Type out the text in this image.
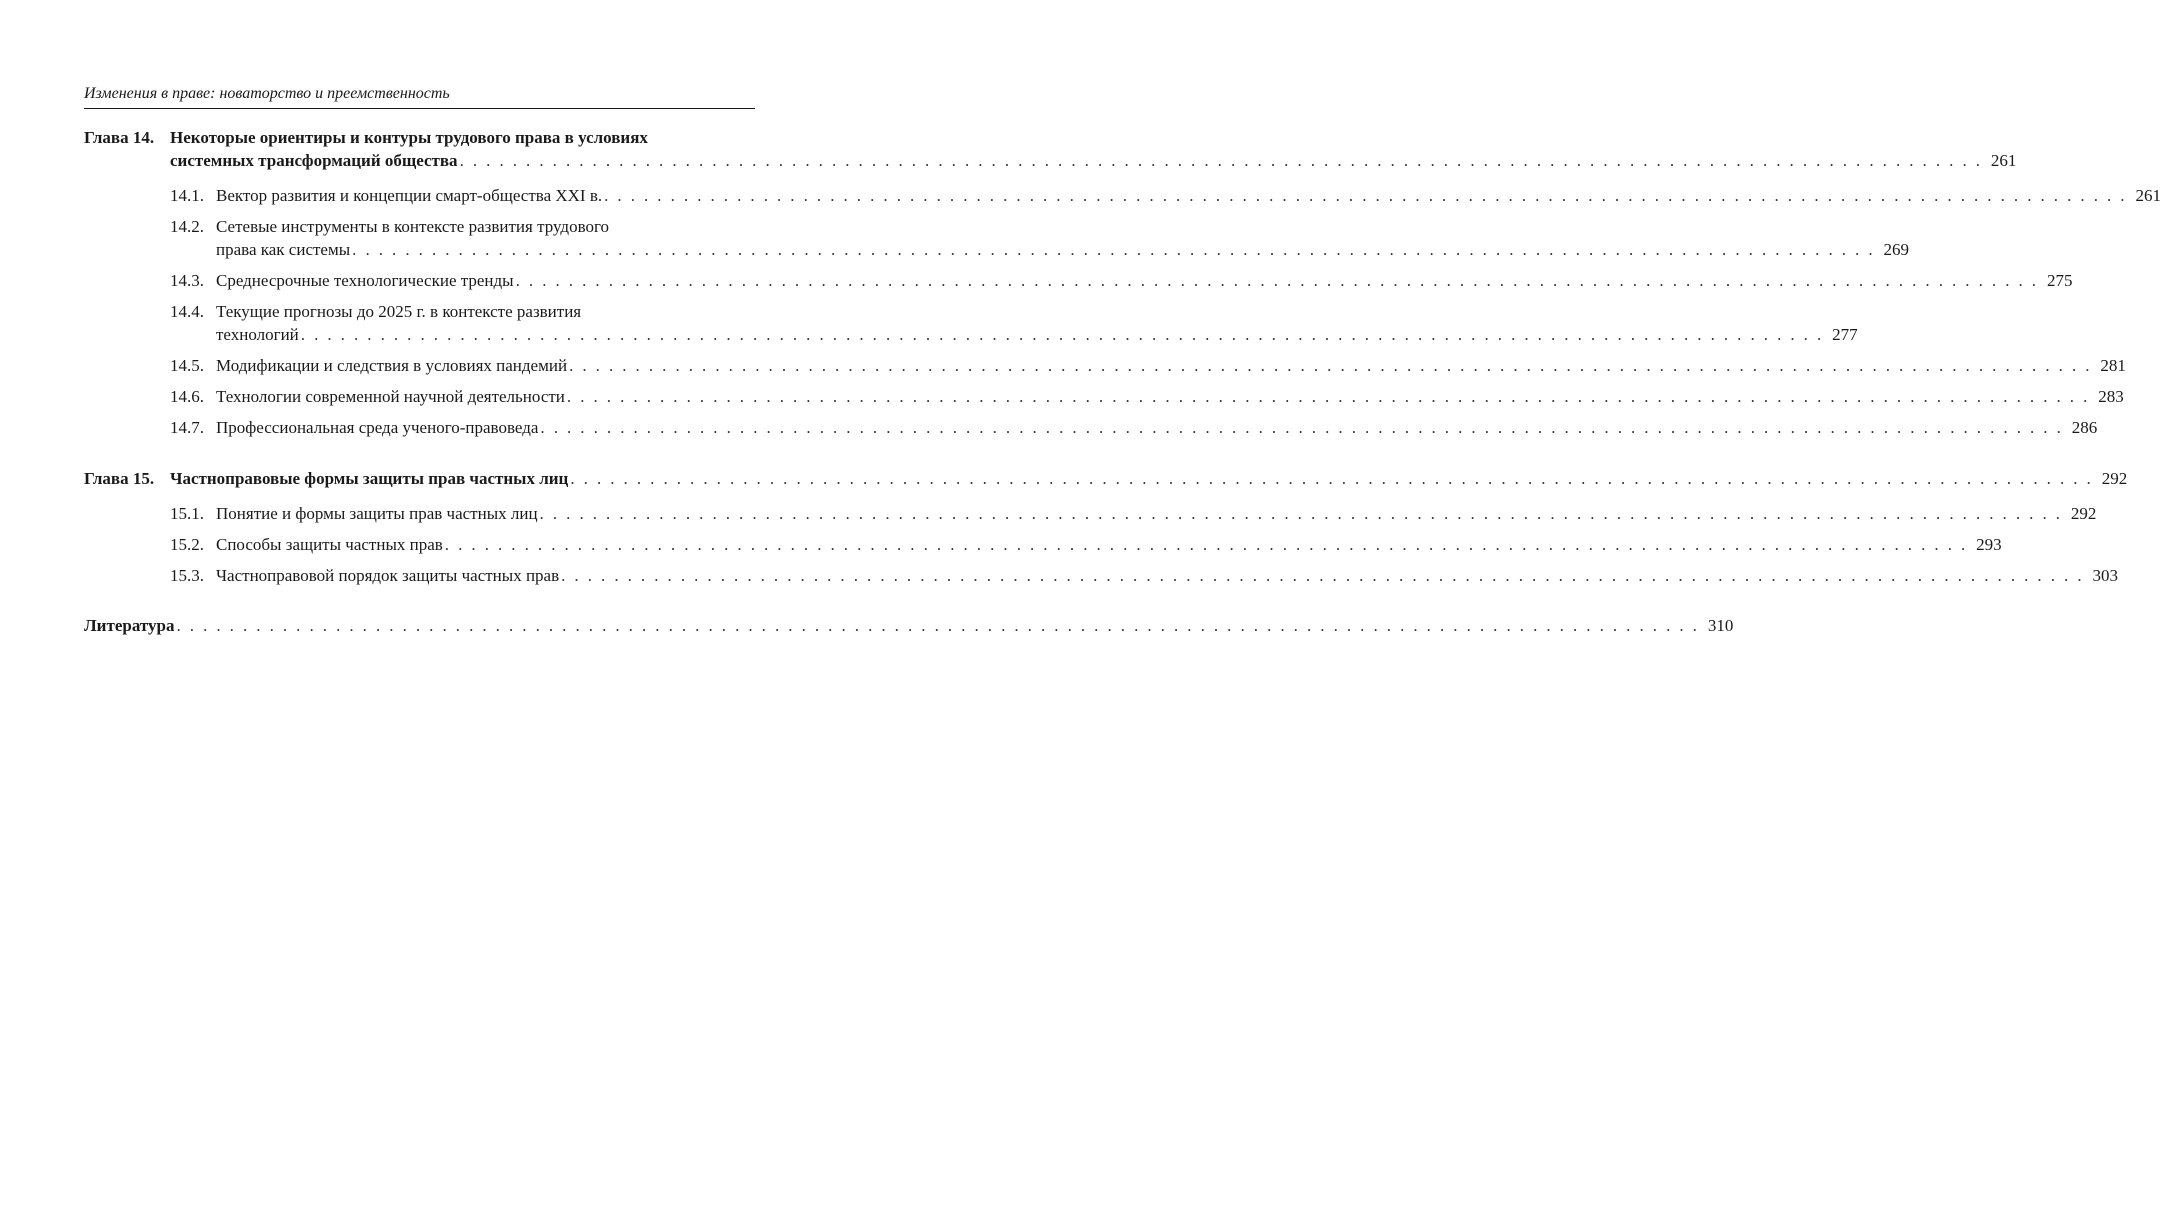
Изменения в праве: новаторство и преемственность
Глава 14. Некоторые ориентиры и контуры трудового права в условиях
системных трансформаций общества . . .	261
14.1. Вектор развития и концепции смарт-общества XXI в. . . .	261
14.2. Сетевые инструменты в контексте развития трудового
права как системы . . .	269
14.3. Среднесрочные технологические тренды . . .	275
14.4. Текущие прогнозы до 2025 г. в контексте развития
технологий . . .	277
14.5. Модификации и следствия в условиях пандемий . . .	281
14.6. Технологии современной научной деятельности . . .	283
14.7. Профессиональная среда ученого-правоведа . . .	286
Глава 15. Частноправовые формы защиты прав частных лиц . . .	292
15.1. Понятие и формы защиты прав частных лиц . . .	292
15.2. Способы защиты частных прав . . .	293
15.3. Частноправовой порядок защиты частных прав . . .	303
Литература . . .	310
